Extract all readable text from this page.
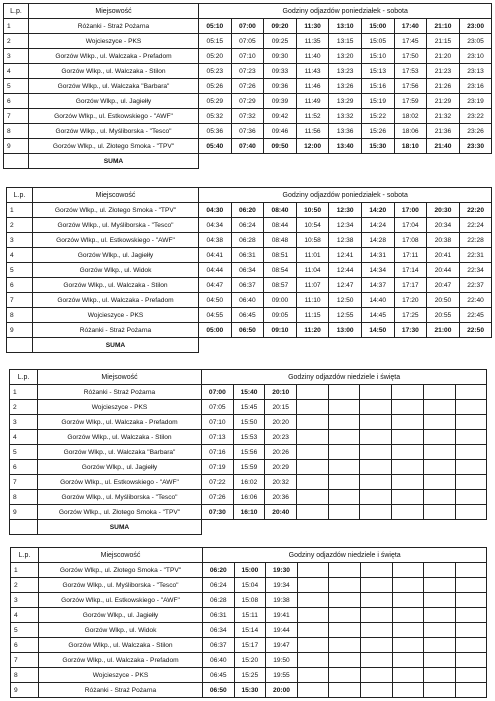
L.p.	Miejsowość	Godziny odjazdów poniedziałek - sobota								
1	Różanki - Straż Pożarna	05:10	07:00	09:20	11:30	13:10	15:00	17:40	21:10	23:00
2	Wojcieszyce - PKS	05:15	07:05	09:25	11:35	13:15	15:05	17:45	21:15	23:05
3	Gorzów Wlkp., ul. Walczaka - Prefadom	05:20	07:10	09:30	11:40	13:20	15:10	17:50	21:20	23:10
4	Gorzów Wlkp., ul. Walczaka - Stilon	05:23	07:23	09:33	11:43	13:23	15:13	17:53	21:23	23:13
5	Gorzów Wlkp., ul. Walczaka "Barbara"	05:26	07:26	09:36	11:46	13:26	15:16	17:56	21:26	23:16
6	Gorzów Wlkp., ul. Jagiełły	05:29	07:29	09:39	11:49	13:29	15:19	17:59	21:29	23:19
7	Gorzów Wlkp., ul. Estkowskiego - "AWF"	05:32	07:32	09:42	11:52	13:32	15:22	18:02	21:32	23:22
8	Gorzów Wlkp., ul. Myśliborska - "Tesco"	05:36	07:36	09:46	11:56	13:36	15:26	18:06	21:36	23:26
9	Gorzów Wlkp., ul. Złotego Smoka - "TPV"	05:40	07:40	09:50	12:00	13:40	15:30	18:10	21:40	23:30
	SUMA									
L.p.	Miejscowość	Godziny odjazdów poniedziałek - sobota								
1	Gorzów Wlkp., ul. Złotego Smoka - "TPV"	04:30	06:20	08:40	10:50	12:30	14:20	17:00	20:30	22:20
2	Gorzów Wlkp., ul. Myśliborska - "Tesco"	04:34	06:24	08:44	10:54	12:34	14:24	17:04	20:34	22:24
3	Gorzów Wlkp., ul. Estkowskiego - "AWF"	04:38	06:28	08:48	10:58	12:38	14:28	17:08	20:38	22:28
4	Gorzów Wlkp., ul. Jagiełły	04:41	06:31	08:51	11:01	12:41	14:31	17:11	20:41	22:31
5	Gorzów Wlkp., ul. Widok	04:44	06:34	08:54	11:04	12:44	14:34	17:14	20:44	22:34
6	Gorzów Wlkp., ul. Walczaka - Stilon	04:47	06:37	08:57	11:07	12:47	14:37	17:17	20:47	22:37
7	Gorzów Wlkp., ul. Walczaka - Prefadom	04:50	06:40	09:00	11:10	12:50	14:40	17:20	20:50	22:40
8	Wojcieszyce - PKS	04:55	06:45	09:05	11:15	12:55	14:45	17:25	20:55	22:45
9	Różanki - Straż Pożarna	05:00	06:50	09:10	11:20	13:00	14:50	17:30	21:00	22:50
	SUMA									
L.p.	Miejsowość	Godziny odjazdów niedziele i święta								
1	Różanki - Straż Pożarna	07:00	15:40	20:10						
2	Wojcieszyce - PKS	07:05	15:45	20:15						
3	Gorzów Wlkp., ul. Walczaka - Prefadom	07:10	15:50	20:20						
4	Gorzów Wlkp., ul. Walczaka - Stilon	07:13	15:53	20:23						
5	Gorzów Wlkp., ul. Walczaka "Barbara"	07:16	15:56	20:26						
6	Gorzów Wlkp., ul. Jagiełły	07:19	15:59	20:29						
7	Gorzów Wlkp., ul. Estkowskiego - "AWF"	07:22	16:02	20:32						
8	Gorzów Wlkp., ul. Myśliborska - "Tesco"	07:26	16:06	20:36						
9	Gorzów Wlkp., ul. Złotego Smoka - "TPV"	07:30	16:10	20:40						
	SUMA									
L.p.	Miejscowość	Godziny odjazdów niedziele i święta								
1	Gorzów Wlkp., ul. Złotego Smoka - "TPV"	06:20	15:00	19:30						
2	Gorzów Wlkp., ul. Myśliborska - "Tesco"	06:24	15:04	19:34						
3	Gorzów Wlkp., ul. Estkowskiego - "AWF"	06:28	15:08	19:38						
4	Gorzów Wlkp., ul. Jagiełły	06:31	15:11	19:41						
5	Gorzów Wlkp., ul. Widok	06:34	15:14	19:44						
6	Gorzów Wlkp., ul. Walczaka - Stilon	06:37	15:17	19:47						
7	Gorzów Wlkp., ul. Walczaka - Prefadom	06:40	15:20	19:50						
8	Wojcieszyce - PKS	06:45	15:25	19:55						
9	Różanki - Straż Pożarna	06:50	15:30	20:00						
